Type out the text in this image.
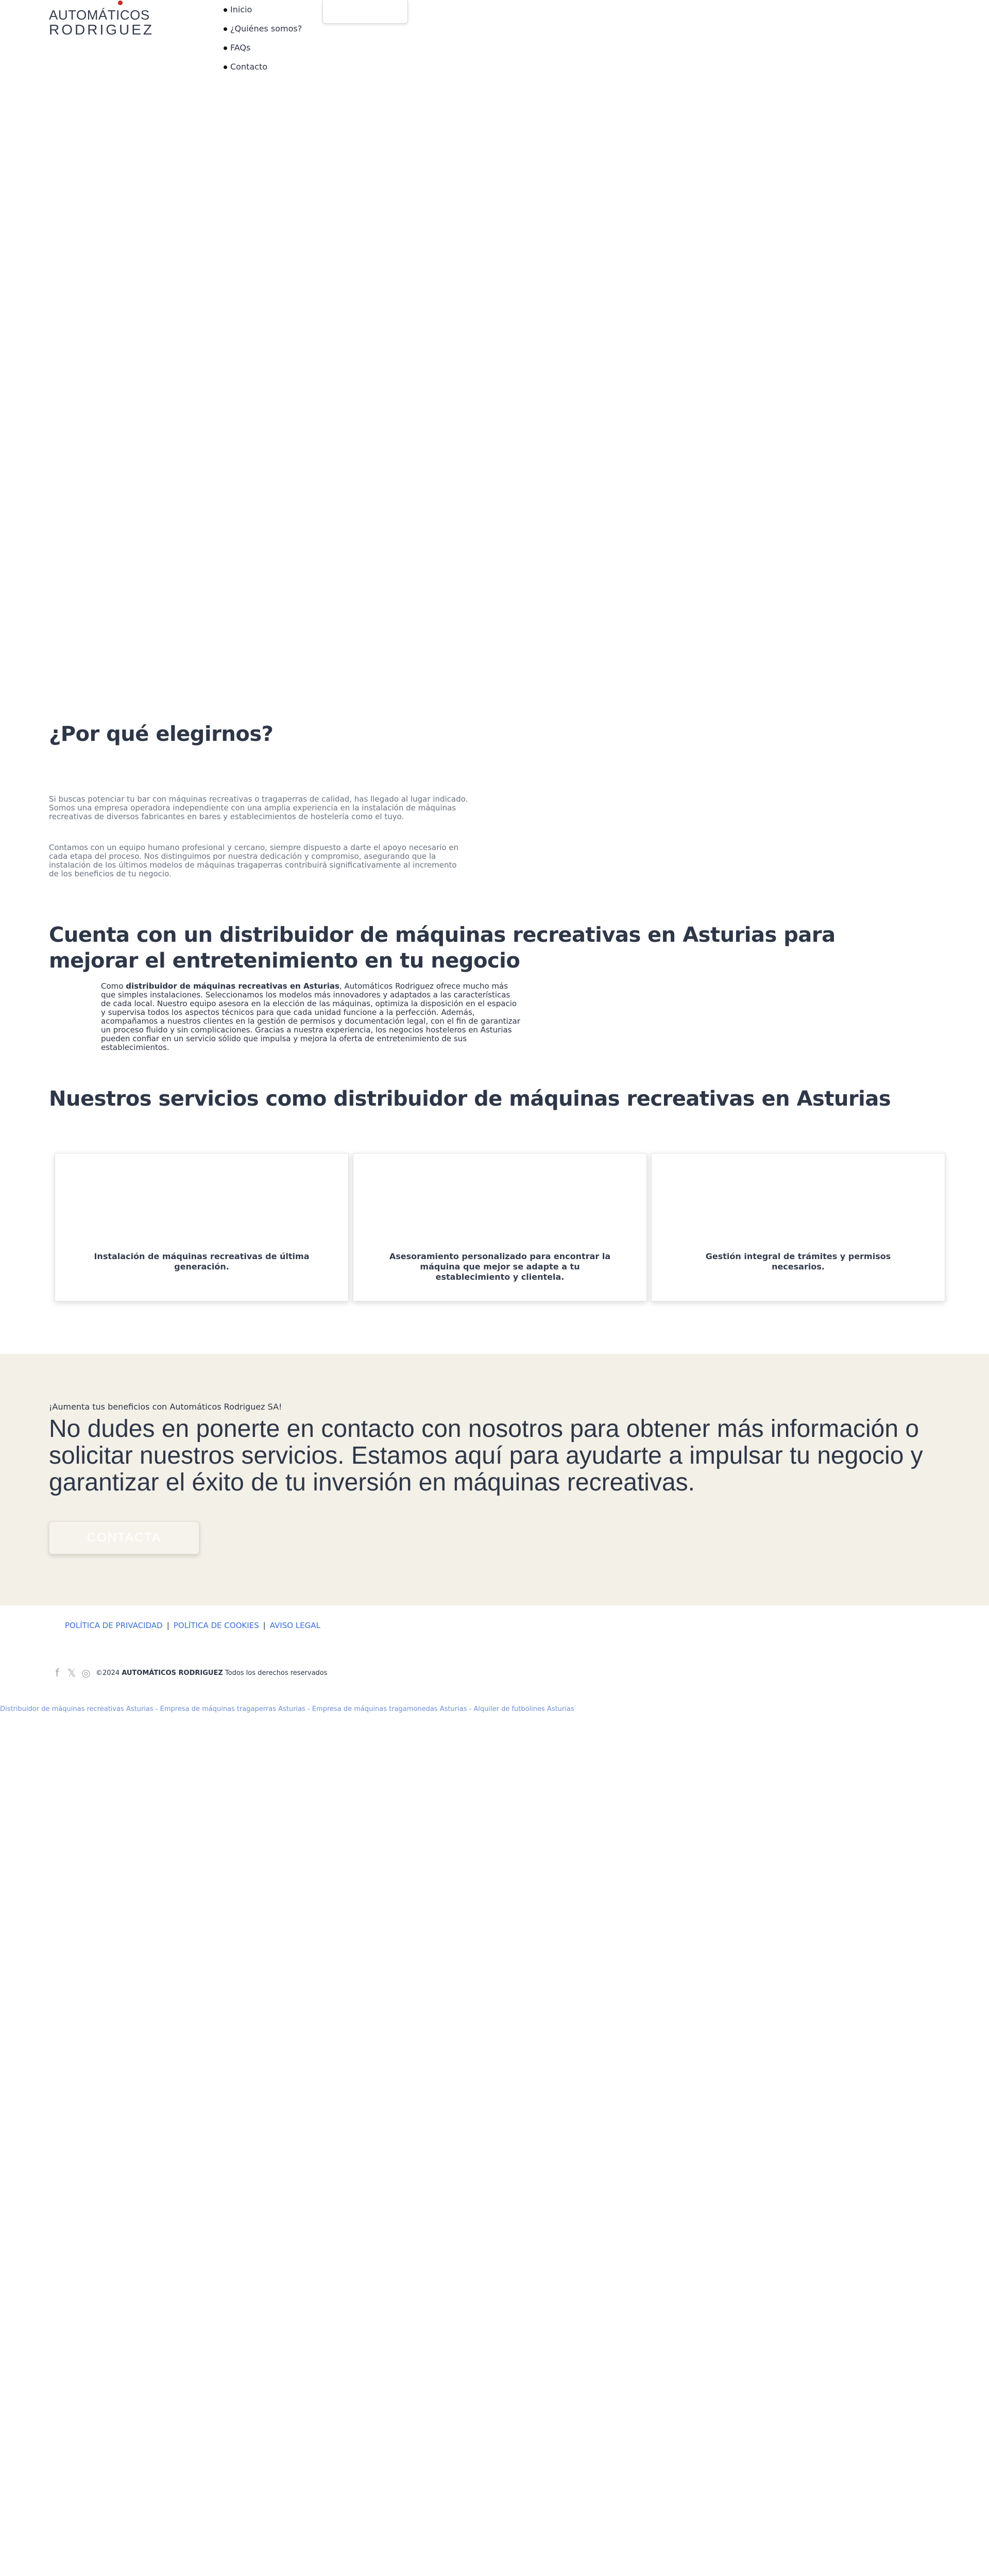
AUTOMÁTICOS
RODRIGUEZ
Inicio
¿Quiénes somos?
FAQs
Contacto
¿Por qué elegirnos?

Si buscas potenciar tu bar con máquinas recreativas o tragaperras de calidad, has llegado al lugar indicado. Somos una empresa operadora independiente con una amplia experiencia en la instalación de máquinas recreativas de diversos fabricantes en bares y establecimientos de hostelería como el tuyo.

Contamos con un equipo humano profesional y cercano, siempre dispuesto a darte el apoyo necesario en cada etapa del proceso. Nos distinguimos por nuestra dedicación y compromiso, asegurando que la instalación de los últimos modelos de máquinas tragaperras contribuirá significativamente al incremento de los beneficios de tu negocio.

Cuenta con un distribuidor de máquinas recreativas en Asturias para mejorar el entretenimiento en tu negocio

Como distribuidor de máquinas recreativas en Asturias, Automáticos Rodriguez ofrece mucho más que simples instalaciones. Seleccionamos los modelos más innovadores y adaptados a las características de cada local. Nuestro equipo asesora en la elección de las máquinas, optimiza la disposición en el espacio y supervisa todos los aspectos técnicos para que cada unidad funcione a la perfección. Además, acompañamos a nuestros clientes en la gestión de permisos y documentación legal, con el fin de garantizar un proceso fluido y sin complicaciones. Gracias a nuestra experiencia, los negocios hosteleros en Asturias pueden confiar en un servicio sólido que impulsa y mejora la oferta de entretenimiento de sus establecimientos.

Nuestros servicios como distribuidor de máquinas recreativas en Asturias
Instalación de máquinas recreativas de última generación.
Asesoramiento personalizado para encontrar la máquina que mejor se adapte a tu establecimiento y clientela.
Gestión integral de trámites y permisos necesarios.
¡Aumenta tus beneficios con Automáticos Rodriguez SA!

No dudes en ponerte en contacto con nosotros para obtener más información o solicitar nuestros servicios. Estamos aquí para ayudarte a impulsar tu negocio y garantizar el éxito de tu inversión en máquinas recreativas.

CONTACTA
POLÍTICA DE PRIVACIDAD | POLÍTICA DE COOKIES | AVISO LEGAL
f 𝕏 ◎ ©2024 AUTOMÁTICOS RODRIGUEZ Todos los derechos reservados
Distribuidor de máquinas recreativas Asturias - Empresa de máquinas tragaperras Asturias - Empresa de máquinas tragamonedas Asturias - Alquiler de futbolines Asturias
